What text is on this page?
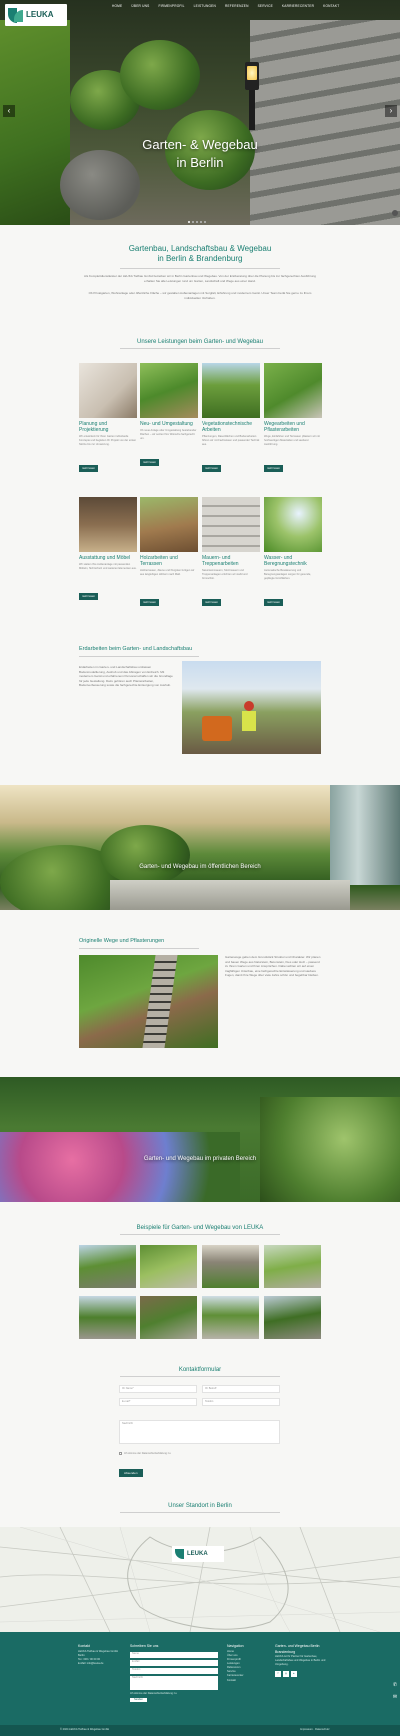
LEUKA
HOME	ÜBER UNS	FIRMENPROFIL	LEISTUNGEN	REFERENZEN	SERVICE	KARRIERECENTER	KONTAKT
‹	›
Garten- & Wegebau
in Berlin
Gartenbau, Landschaftsbau & Wegebau
in Berlin & Brandenburg
Als Komplettdienstleister der LEUKA Tiefbau GmbH betreiben wir in Berlin Gartenbau und Wegebau. Von der Erstberatung über die Planung bis zur fachgerechten Ausführung erhalten Sie alle Leistungen rund um Garten, Landschaft und Wege aus einer Hand.
Ob Privatgarten, Wohnanlage oder öffentliche Fläche – wir gestalten Außenanlagen mit Sorgfalt, Erfahrung und modernem Gerät. Unser Team berät Sie gerne zu Ihrem individuellen Vorhaben.
Unsere Leistungen beim Garten- und Wegebau
Planung und Projektierung

Wir entwickeln für Ihren Garten individuelle Konzepte und begleiten Ihr Projekt von der ersten Skizze bis zur Umsetzung.

mehr lesen
Neu- und Umgestaltung

Ob neue Anlage oder Umgestaltung bestehender Flächen – wir setzen Ihre Wünsche fachgerecht um.

mehr lesen
Vegetationstechnische Arbeiten

Pflanzungen, Rasenflächen und Bodenarbeiten führen wir mit Fachwissen und passender Technik aus.

mehr lesen
Wegearbeiten und Pflasterarbeiten

Wege, Einfahrten und Terrassen pflastern wir mit hochwertigen Materialien und sauberer Ausführung.

mehr lesen
Ausstattung und Möbel

Wir statten Ihre Außenanlage mit passenden Möbeln, Sichtschutz und weiteren Elementen aus.

mehr lesen
Holzarbeiten und Terrassen

Holzterrassen, Zäune und Pergolen fertigen wir aus langlebigen Hölzern nach Maß.

mehr lesen
Mauern- und Treppenarbeiten

Natursteinmauern, Stützmauern und Treppenanlagen errichten wir stabil und formschön.

mehr lesen
Wasser- und Beregnungstechnik

Automatische Bewässerung und Beregnungsanlagen sorgen für gesunde, gepflegte Grünflächen.

mehr lesen
Erdarbeiten beim Garten- und Landschaftsbau
Erdarbeiten im Garten- und Landschaftsbau umfassen Bodenmodellierung, Aushub und das Abtragen von Erdreich. Mit modernem Gerät und erfahrenem Personal schaffen wir die Grundlage für jede Gestaltung. Dazu gehören auch Planierarbeiten, Bodenverbesserung sowie die fachgerechte Entsorgung von Aushub.
Garten- und Wegebau im öffentlichen Bereich
Originelle Wege und Pflasterungen
Gartenwege geben dem Grundstück Struktur und Charakter. Wir planen und bauen Wege aus Naturstein, Betonstein, Kies oder Holz – passend zu Ihrem Garten und Ihren Ansprüchen. Dabei achten wir auf einen tragfähigen Unterbau, eine fachgerechte Entwässerung und saubere Fugen, damit Ihre Wege über viele Jahre schön und begehbar bleiben.
Garten- und Wegebau im privaten Bereich
Beispiele für Garten- und Wegebau von LEUKA
Kontaktformular
Ihr Name*	Ihr Betreff
E-mail*	Telefon
Nachricht
Ich stimme der Datenschutzerklärung zu.
Absenden
Unser Standort in Berlin
LEUKA
Kontakt
LEUKA Tiefbau & Wegebau GmbH
Berlin
Tel.: 030 / 00 00 00
E-Mail: info@leuka.de
Schreiben Sie uns
Name
E-Mail
Telefon
Nachricht
Ich stimme der Datenschutzerklärung zu.
Senden
Navigation
Home
Über uns
Firmenprofil
Leistungen
Referenzen
Service
Karrierecenter
Kontakt
Garten- und Wegebau Berlin Brandenburg
LEUKA ist Ihr Partner für Gartenbau, Landschaftsbau und Wegebau in Berlin und Umgebung.
f	◎	▸
✆
✉
© 2024 LEUKA Tiefbau & Wegebau GmbH	Impressum · Datenschutz
